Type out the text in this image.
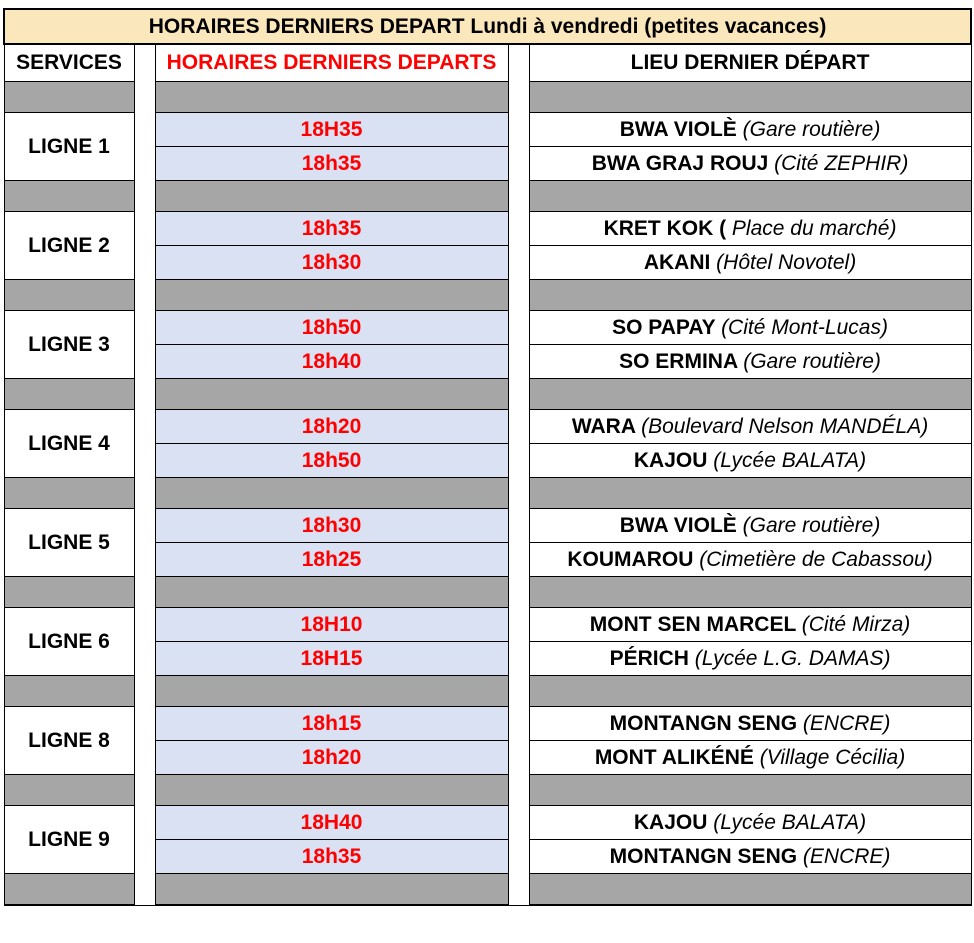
HORAIRES DERNIERS DEPART Lundi à vendredi (petites vacances)				
SERVICES		HORAIRES DERNIERS DEPARTS		LIEU DERNIER DÉPART

LIGNE 1		18H35		BWA VIOLÈ (Gare routière)
		18h35		BWA GRAJ ROUJ (Cité ZEPHIR)

LIGNE 2		18h35		KRET KOK ( Place du marché)
		18h30		AKANI (Hôtel Novotel)

LIGNE 3		18h50		SO PAPAY (Cité Mont-Lucas)
		18h40		SO ERMINA (Gare routière)

LIGNE 4		18h20		WARA (Boulevard Nelson MANDÉLA)
		18h50		KAJOU (Lycée BALATA)

LIGNE 5		18h30		BWA VIOLÈ (Gare routière)
		18h25		KOUMAROU (Cimetière de Cabassou)

LIGNE 6		18H10		MONT SEN MARCEL (Cité Mirza)
		18H15		PÉRICH (Lycée L.G. DAMAS)

LIGNE 8		18h15		MONTANGN SENG (ENCRE)
		18h20		MONT ALIKÉNÉ (Village Cécilia)

LIGNE 9		18H40		KAJOU (Lycée BALATA)
		18h35		MONTANGN SENG (ENCRE)
